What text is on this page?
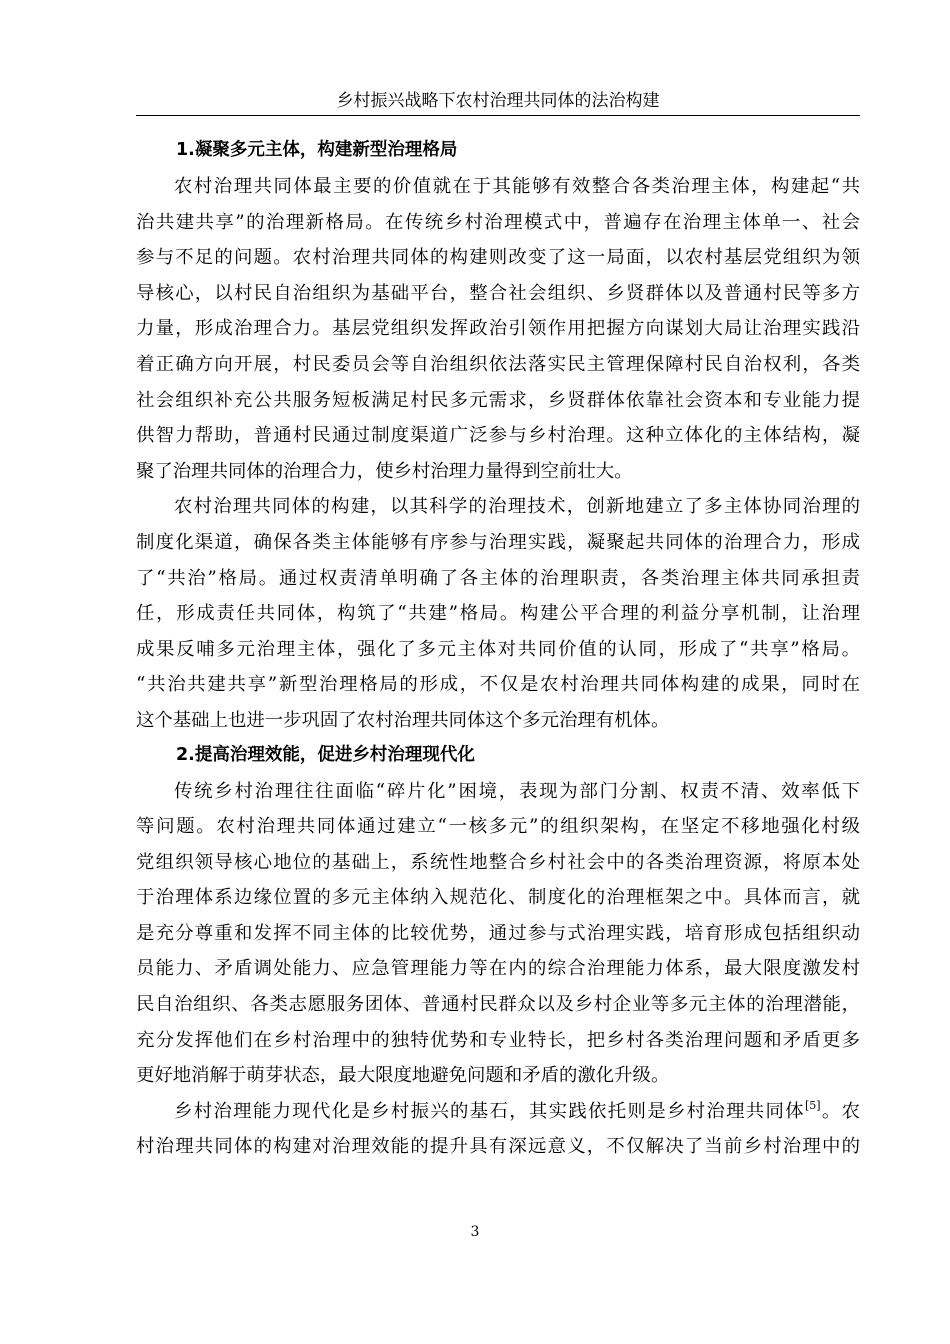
乡村振兴战略下农村治理共同体的法治构建
1.凝聚多元主体，构建新型治理格局
农村治理共同体最主要的价值就在于其能够有效整合各类治理主体，构建起“共
治共建共享”的治理新格局。在传统乡村治理模式中，普遍存在治理主体单一、社会
参与不足的问题。农村治理共同体的构建则改变了这一局面，以农村基层党组织为领
导核心，以村民自治组织为基础平台，整合社会组织、乡贤群体以及普通村民等多方
力量，形成治理合力。基层党组织发挥政治引领作用把握方向谋划大局让治理实践沿
着正确方向开展，村民委员会等自治组织依法落实民主管理保障村民自治权利，各类
社会组织补充公共服务短板满足村民多元需求，乡贤群体依靠社会资本和专业能力提
供智力帮助，普通村民通过制度渠道广泛参与乡村治理。这种立体化的主体结构，凝
聚了治理共同体的治理合力，使乡村治理力量得到空前壮大。
农村治理共同体的构建，以其科学的治理技术，创新地建立了多主体协同治理的
制度化渠道，确保各类主体能够有序参与治理实践，凝聚起共同体的治理合力，形成
了“共治”格局。通过权责清单明确了各主体的治理职责，各类治理主体共同承担责
任，形成责任共同体，构筑了“共建”格局。构建公平合理的利益分享机制，让治理
成果反哺多元治理主体，强化了多元主体对共同价值的认同，形成了“共享”格局。
“共治共建共享”新型治理格局的形成，不仅是农村治理共同体构建的成果，同时在
这个基础上也进一步巩固了农村治理共同体这个多元治理有机体。
2.提高治理效能，促进乡村治理现代化
传统乡村治理往往面临“碎片化”困境，表现为部门分割、权责不清、效率低下
等问题。农村治理共同体通过建立“一核多元”的组织架构，在坚定不移地强化村级
党组织领导核心地位的基础上，系统性地整合乡村社会中的各类治理资源，将原本处
于治理体系边缘位置的多元主体纳入规范化、制度化的治理框架之中。具体而言，就
是充分尊重和发挥不同主体的比较优势，通过参与式治理实践，培育形成包括组织动
员能力、矛盾调处能力、应急管理能力等在内的综合治理能力体系，最大限度激发村
民自治组织、各类志愿服务团体、普通村民群众以及乡村企业等多元主体的治理潜能，
充分发挥他们在乡村治理中的独特优势和专业特长，把乡村各类治理问题和矛盾更多
更好地消解于萌芽状态，最大限度地避免问题和矛盾的激化升级。
乡村治理能力现代化是乡村振兴的基石，其实践依托则是乡村治理共同体[5]。农
村治理共同体的构建对治理效能的提升具有深远意义，不仅解决了当前乡村治理中的
3
